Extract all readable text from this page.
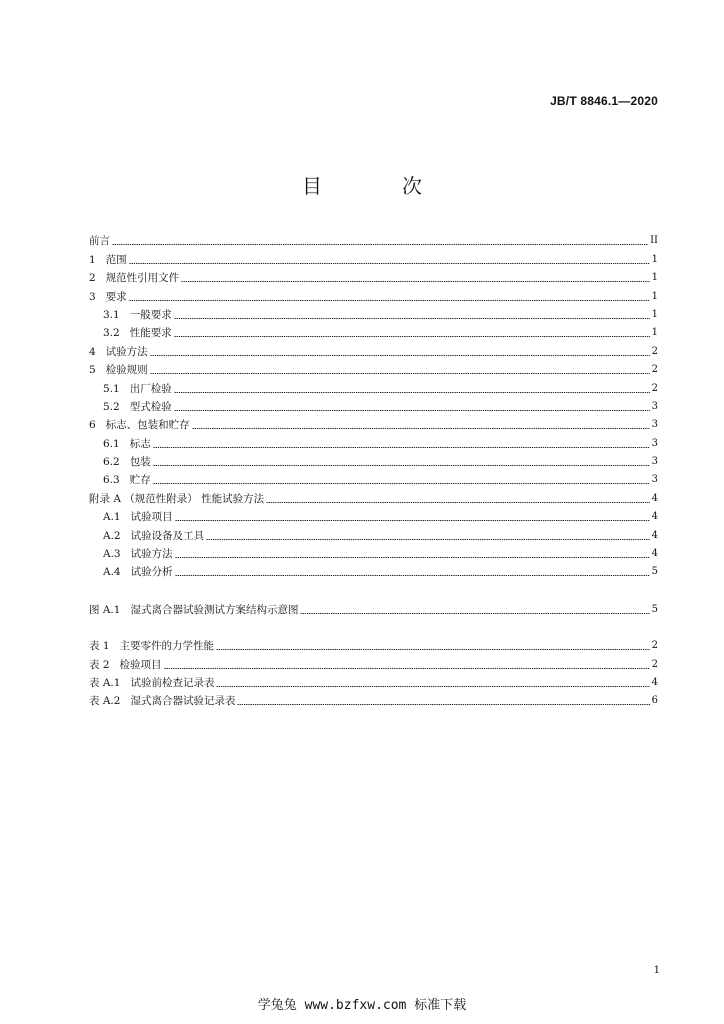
JB/T 8846.1—2020
目　次
前言	II
1 范围	1
2 规范性引用文件	1
3 要求	1
3.1 一般要求	1
3.2 性能要求	1
4 试验方法	2
5 检验规则	2
5.1 出厂检验	2
5.2 型式检验	3
6 标志、包装和贮存	3
6.1 标志	3
6.2 包装	3
6.3 贮存	3
附录 A （规范性附录） 性能试验方法	4
A.1 试验项目	4
A.2 试验设备及工具	4
A.3 试验方法	4
A.4 试验分析	5
图 A.1 湿式离合器试验测试方案结构示意图	5
表 1 主要零件的力学性能	2
表 2 检验项目	2
表 A.1 试验前检查记录表	4
表 A.2 湿式离合器试验记录表	6
1
学兔兔 www.bzfxw.com 标准下载
